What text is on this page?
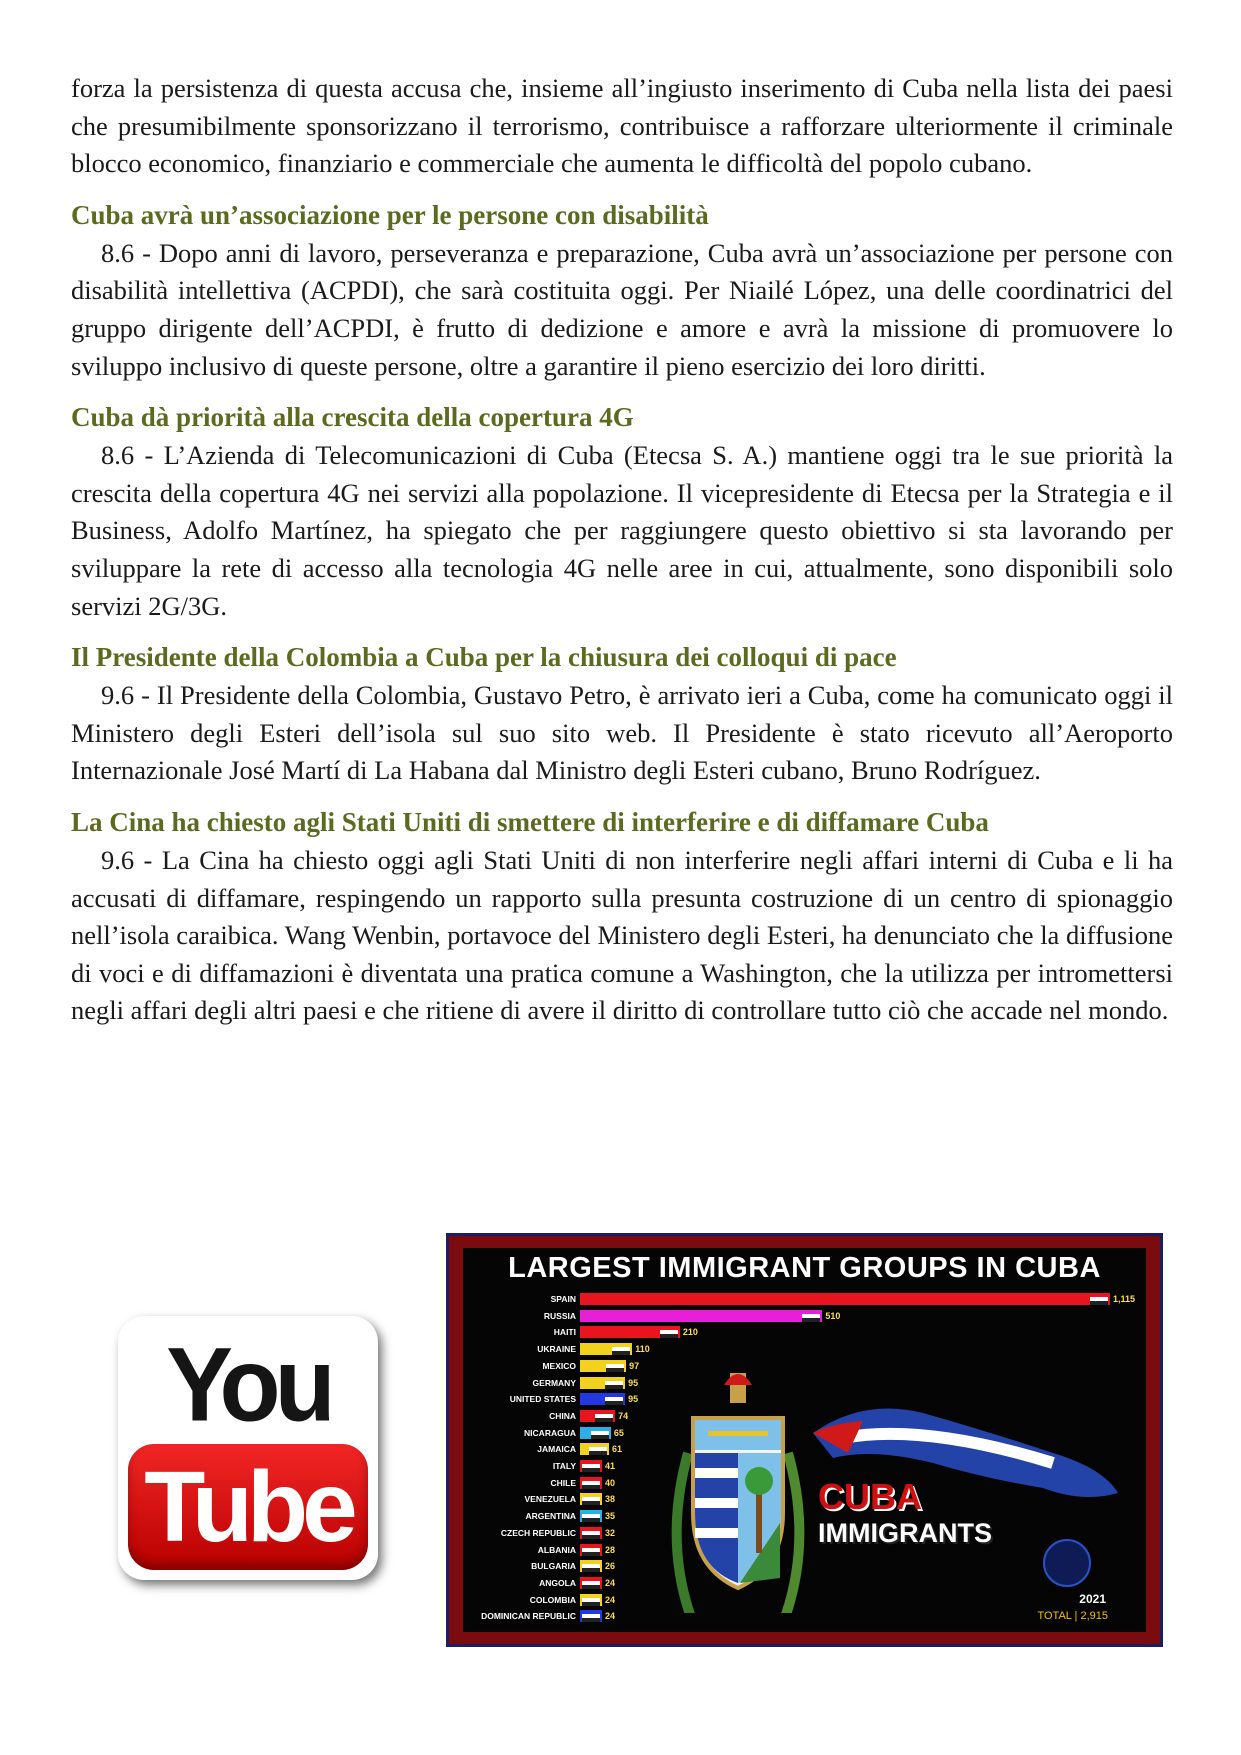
forza la persistenza di questa accusa che, insieme all’ingiusto inserimento di Cuba nella lista dei paesi che presumibilmente sponsorizzano il terrorismo, contribuisce a rafforzare ulteriormente il criminale blocco economico, finanziario e commerciale che aumenta le difficoltà del popolo cubano.

Cuba avrà un’associazione per le persone con disabilità

8.6 - Dopo anni di lavoro, perseveranza e preparazione, Cuba avrà un’associazione per persone con disabilità intellettiva (ACPDI), che sarà costituita oggi. Per Niailé López, una delle coordinatrici del gruppo dirigente dell’ACPDI, è frutto di dedizione e amore e avrà la missione di promuovere lo sviluppo inclusivo di queste persone, oltre a garantire il pieno esercizio dei loro diritti.

Cuba dà priorità alla crescita della copertura 4G

8.6 - L’Azienda di Telecomunicazioni di Cuba (Etecsa S. A.) mantiene oggi tra le sue priorità la crescita della copertura 4G nei servizi alla popolazione. Il vicepresidente di Etecsa per la Strategia e il Business, Adolfo Martínez, ha spiegato che per raggiungere questo obiettivo si sta lavorando per sviluppare la rete di accesso alla tecnologia 4G nelle aree in cui, attualmente, sono disponibili solo servizi 2G/3G.

Il Presidente della Colombia a Cuba per la chiusura dei colloqui di pace

9.6 - Il Presidente della Colombia, Gustavo Petro, è arrivato ieri a Cuba, come ha comunicato oggi il Ministero degli Esteri dell’isola sul suo sito web. Il Presidente è stato ricevuto all’Aeroporto Internazionale José Martí di La Habana dal Ministro degli Esteri cubano, Bruno Rodríguez.

La Cina ha chiesto agli Stati Uniti di smettere di interferire e di diffamare Cuba

9.6 - La Cina ha chiesto oggi agli Stati Uniti di non interferire negli affari interni di Cuba e li ha accusati di diffamare, respingendo un rapporto sulla presunta costruzione di un centro di spionaggio nell’isola caraibica. Wang Wenbin, portavoce del Ministero degli Esteri, ha denunciato che la diffusione di voci e di diffamazioni è diventata una pratica comune a Washington, che la utilizza per intromettersi negli affari degli altri paesi e che ritiene di avere il diritto di controllare tutto ciò che accade nel mondo.

You
Tube
LARGEST IMMIGRANT GROUPS IN CUBA
SPAIN	1,115
RUSSIA	510
HAITI	210
UKRAINE	110
MEXICO	97
GERMANY	95
UNITED STATES	95
CHINA	74
NICARAGUA	65
JAMAICA	61
ITALY	41
CHILE	40
VENEZUELA	38
ARGENTINA	35
CZECH REPUBLIC	32
ALBANIA	28
BULGARIA	26
ANGOLA	24
COLOMBIA	24
DOMINICAN REPUBLIC	24
CUBA
IMMIGRANTS
2021
TOTAL | 2,915
